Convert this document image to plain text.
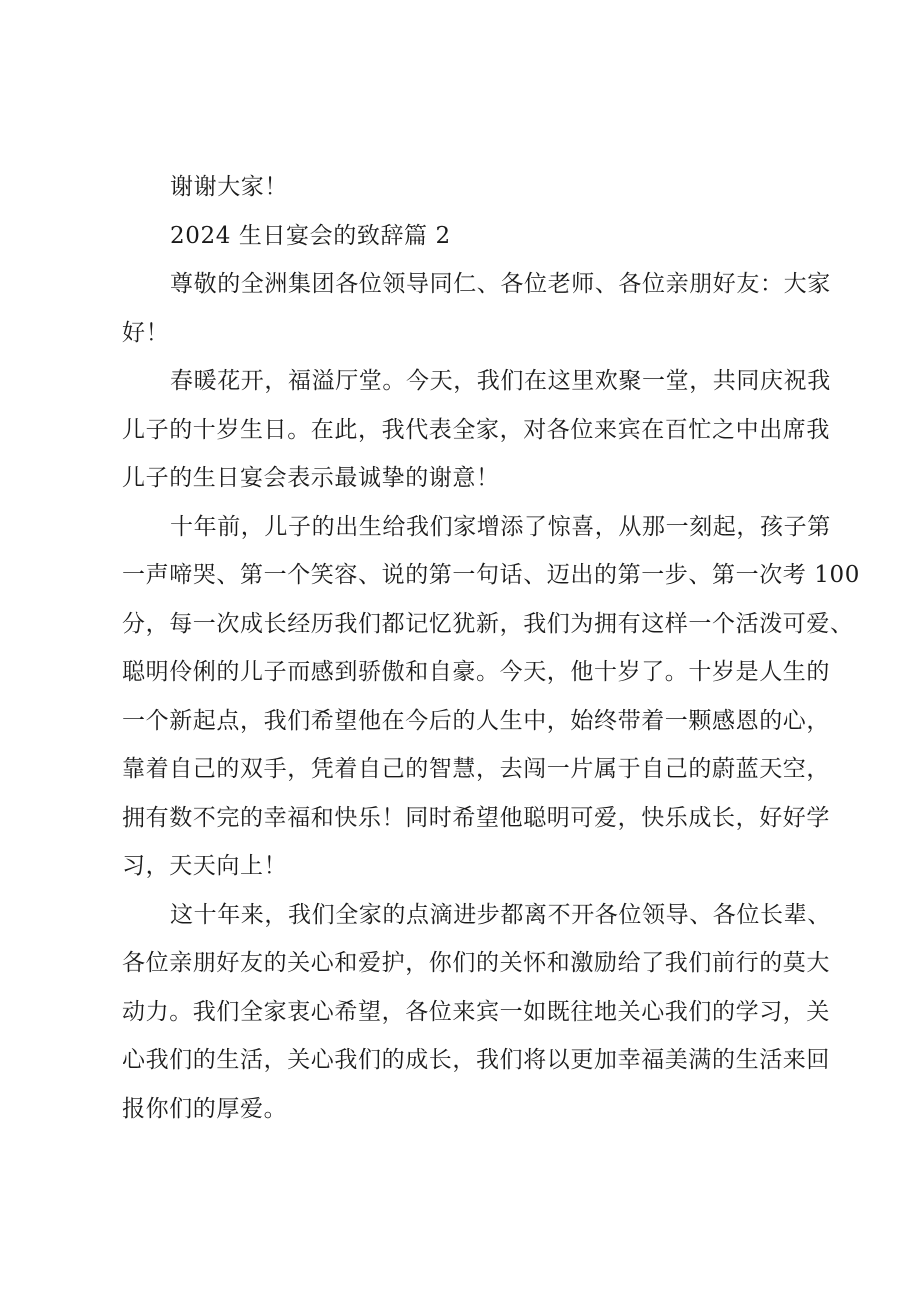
谢谢大家！
2024 生日宴会的致辞篇 2
尊敬的全洲集团各位领导同仁、各位老师、各位亲朋好友：大家
好！
春暖花开，福溢厅堂。今天，我们在这里欢聚一堂，共同庆祝我
儿子的十岁生日。在此，我代表全家，对各位来宾在百忙之中出席我
儿子的生日宴会表示最诚挚的谢意！
十年前，儿子的出生给我们家增添了惊喜，从那一刻起，孩子第
一声啼哭、第一个笑容、说的第一句话、迈出的第一步、第一次考 100
分，每一次成长经历我们都记忆犹新，我们为拥有这样一个活泼可爱、
聪明伶俐的儿子而感到骄傲和自豪。今天，他十岁了。十岁是人生的
一个新起点，我们希望他在今后的人生中，始终带着一颗感恩的心，
靠着自己的双手，凭着自己的智慧，去闯一片属于自己的蔚蓝天空，
拥有数不完的幸福和快乐！同时希望他聪明可爱，快乐成长，好好学
习，天天向上！
这十年来，我们全家的点滴进步都离不开各位领导、各位长辈、
各位亲朋好友的关心和爱护，你们的关怀和激励给了我们前行的莫大
动力。我们全家衷心希望，各位来宾一如既往地关心我们的学习，关
心我们的生活，关心我们的成长，我们将以更加幸福美满的生活来回
报你们的厚爱。
